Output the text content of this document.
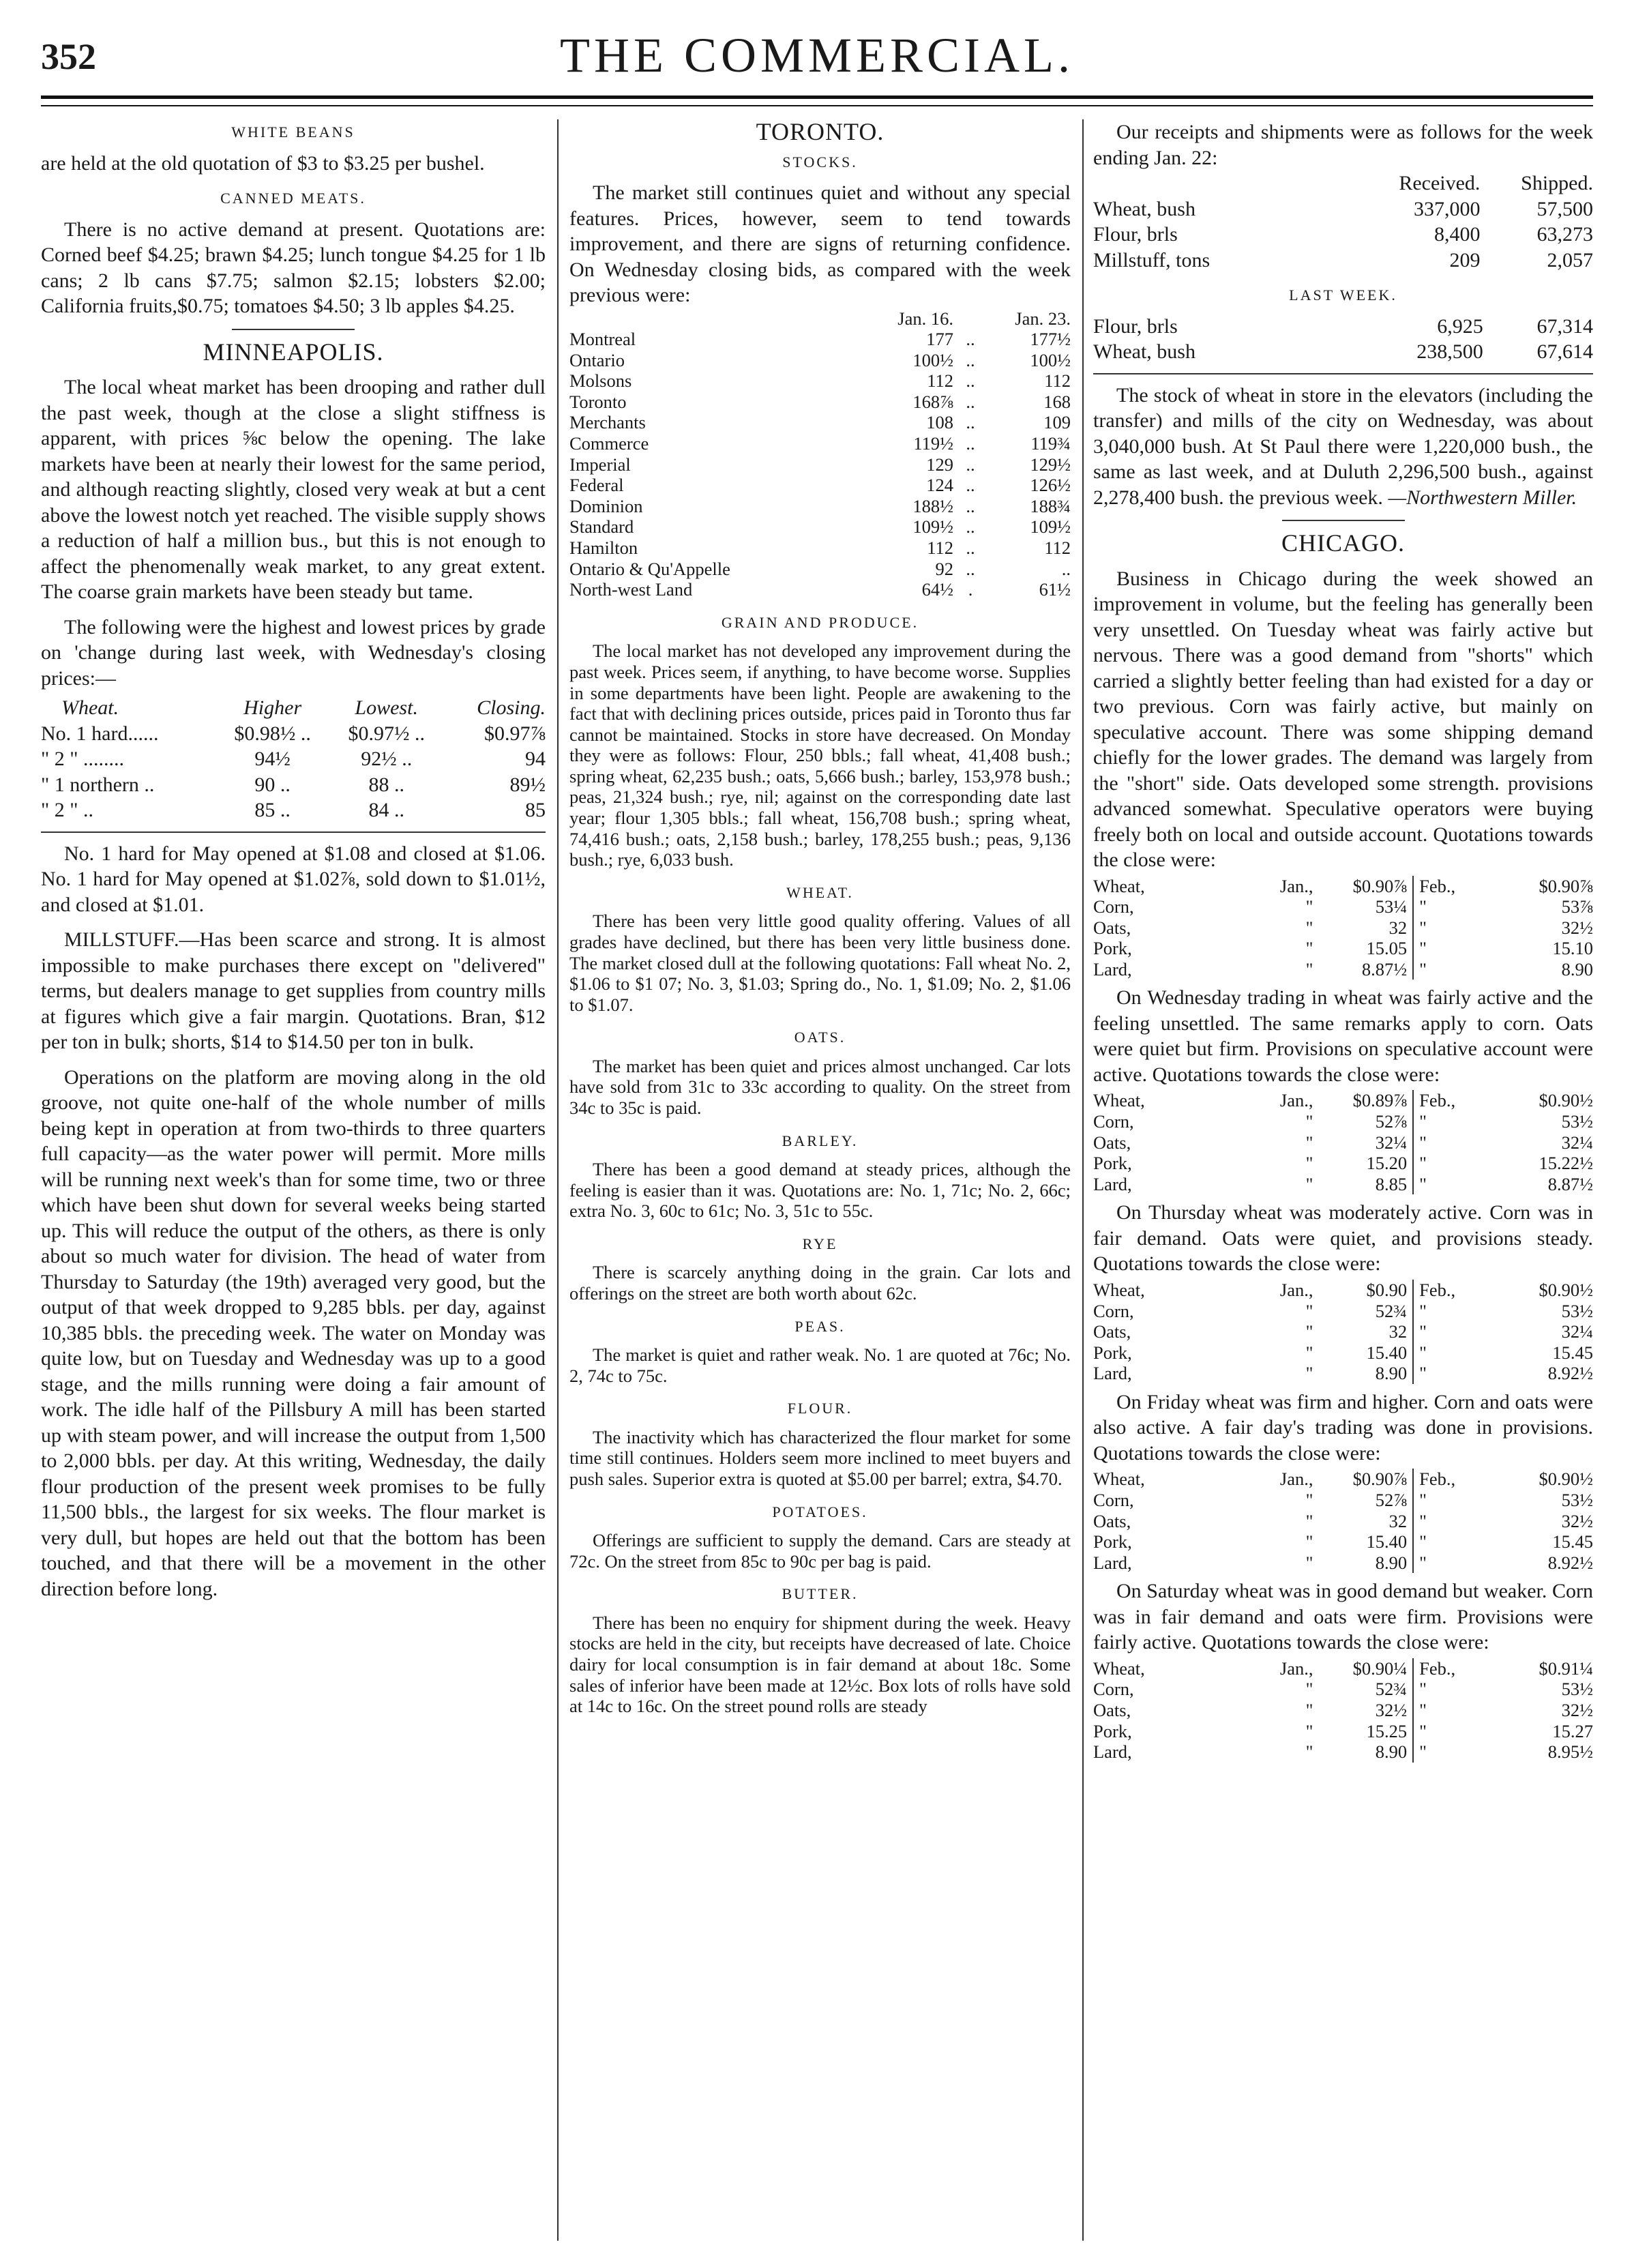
THE COMMERCIAL.
352
WHITE BEANS
are held at the old quotation of $3 to $3.25 per bushel.
CANNED MEATS.
There is no active demand at present. Quotations are: Corned beef $4.25; brawn $4.25; lunch tongue $4.25 for 1 lb cans; 2 lb cans $7.75; salmon $2.15; lobsters $2.00; California fruits,$0.75; tomatoes $4.50; 3 lb apples $4.25.
MINNEAPOLIS.
The local wheat market has been drooping and rather dull the past week, though at the close a slight stiffness is apparent, with prices ⅝c below the opening. The lake markets have been at nearly their lowest for the same period, and although reacting slightly, closed very weak at but a cent above the lowest notch yet reached. The visible supply shows a reduction of half a million bus., but this is not enough to affect the phenomenally weak market, to any great extent. The coarse grain markets have been steady but tame.
The following were the highest and lowest prices by grade on 'change during last week, with Wednesday's closing prices:—
Wheat.	Higher	Lowest.	Closing.
No. 1 hard......	$0.98½ ..	$0.97½ ..	$0.97⅞
" 2 " ........	94½	92½ ..	94
" 1 northern ..	90 ..	88 ..	89½
" 2 " ..	85 ..	84 ..	85
No. 1 hard for May opened at $1.08 and closed at $1.06. No. 1 hard for May opened at $1.02⅞, sold down to $1.01½, and closed at $1.01.
MILLSTUFF.—Has been scarce and strong. It is almost impossible to make purchases there except on "delivered" terms, but dealers manage to get supplies from country mills at figures which give a fair margin. Quotations. Bran, $12 per ton in bulk; shorts, $14 to $14.50 per ton in bulk.
Operations on the platform are moving along in the old groove, not quite one-half of the whole number of mills being kept in operation at from two-thirds to three quarters full capacity—as the water power will permit. More mills will be running next week's than for some time, two or three which have been shut down for several weeks being started up. This will reduce the output of the others, as there is only about so much water for division. The head of water from Thursday to Saturday (the 19th) averaged very good, but the output of that week dropped to 9,285 bbls. per day, against 10,385 bbls. the preceding week. The water on Monday was quite low, but on Tuesday and Wednesday was up to a good stage, and the mills running were doing a fair amount of work. The idle half of the Pillsbury A mill has been started up with steam power, and will increase the output from 1,500 to 2,000 bbls. per day. At this writing, Wednesday, the daily flour production of the present week promises to be fully 11,500 bbls., the largest for six weeks. The flour market is very dull, but hopes are held out that the bottom has been touched, and that there will be a movement in the other direction before long.
TORONTO.
STOCKS.
The market still continues quiet and without any special features. Prices, however, seem to tend towards improvement, and there are signs of returning confidence. On Wednesday closing bids, as compared with the week previous were:
	Jan. 16.		Jan. 23.
Montreal	177	..	177½
Ontario	100½	..	100½
Molsons	112	..	112
Toronto	168⅞	..	168
Merchants	108	..	109
Commerce	119½	..	119¾
Imperial	129	..	129½
Federal	124	..	126½
Dominion	188½	..	188¾
Standard	109½	..	109½
Hamilton	112	..	112
Ontario & Qu'Appelle	92	..	..
North-west Land	64½	.	61½
GRAIN AND PRODUCE.
The local market has not developed any improvement during the past week. Prices seem, if anything, to have become worse. Supplies in some departments have been light. People are awakening to the fact that with declining prices outside, prices paid in Toronto thus far cannot be maintained. Stocks in store have decreased. On Monday they were as follows: Flour, 250 bbls.; fall wheat, 41,408 bush.; spring wheat, 62,235 bush.; oats, 5,666 bush.; barley, 153,978 bush.; peas, 21,324 bush.; rye, nil; against on the corresponding date last year; flour 1,305 bbls.; fall wheat, 156,708 bush.; spring wheat, 74,416 bush.; oats, 2,158 bush.; barley, 178,255 bush.; peas, 9,136 bush.; rye, 6,033 bush.
WHEAT.
There has been very little good quality offering. Values of all grades have declined, but there has been very little business done. The market closed dull at the following quotations: Fall wheat No. 2, $1.06 to $1 07; No. 3, $1.03; Spring do., No. 1, $1.09; No. 2, $1.06 to $1.07.
OATS.
The market has been quiet and prices almost unchanged. Car lots have sold from 31c to 33c according to quality. On the street from 34c to 35c is paid.
BARLEY.
There has been a good demand at steady prices, although the feeling is easier than it was. Quotations are: No. 1, 71c; No. 2, 66c; extra No. 3, 60c to 61c; No. 3, 51c to 55c.
RYE
There is scarcely anything doing in the grain. Car lots and offerings on the street are both worth about 62c.
PEAS.
The market is quiet and rather weak. No. 1 are quoted at 76c; No. 2, 74c to 75c.
FLOUR.
The inactivity which has characterized the flour market for some time still continues. Holders seem more inclined to meet buyers and push sales. Superior extra is quoted at $5.00 per barrel; extra, $4.70.
POTATOES.
Offerings are sufficient to supply the demand. Cars are steady at 72c. On the street from 85c to 90c per bag is paid.
BUTTER.
There has been no enquiry for shipment during the week. Heavy stocks are held in the city, but receipts have decreased of late. Choice dairy for local consumption is in fair demand at about 18c. Some sales of inferior have been made at 12½c. Box lots of rolls have sold at 14c to 16c. On the street pound rolls are steady
Our receipts and shipments were as follows for the week ending Jan. 22:
	Received.	Shipped.
Wheat, bush	337,000	57,500
Flour, brls	8,400	63,273
Millstuff, tons	209	2,057
LAST WEEK.
Flour, brls	6,925	67,314
Wheat, bush	238,500	67,614
The stock of wheat in store in the elevators (including the transfer) and mills of the city on Wednesday, was about 3,040,000 bush. At St Paul there were 1,220,000 bush., the same as last week, and at Duluth 2,296,500 bush., against 2,278,400 bush. the previous week. —Northwestern Miller.
CHICAGO.
Business in Chicago during the week showed an improvement in volume, but the feeling has generally been very unsettled. On Tuesday wheat was fairly active but nervous. There was a good demand from "shorts" which carried a slightly better feeling than had existed for a day or two previous. Corn was fairly active, but mainly on speculative account. There was some shipping demand chiefly for the lower grades. The demand was largely from the "short" side. Oats developed some strength. provisions advanced somewhat. Speculative operators were buying freely both on local and outside account. Quotations towards the close were:
Wheat,	Jan.,	$0.90⅞	Feb.,	$0.90⅞
Corn,	"	53¼	"	53⅞
Oats,	"	32	"	32½
Pork,	"	15.05	"	15.10
Lard,	"	8.87½	"	8.90
On Wednesday trading in wheat was fairly active and the feeling unsettled. The same remarks apply to corn. Oats were quiet but firm. Provisions on speculative account were active. Quotations towards the close were:
Wheat,	Jan.,	$0.89⅞	Feb.,	$0.90½
Corn,	"	52⅞	"	53½
Oats,	"	32¼	"	32¼
Pork,	"	15.20	"	15.22½
Lard,	"	8.85	"	8.87½
On Thursday wheat was moderately active. Corn was in fair demand. Oats were quiet, and provisions steady. Quotations towards the close were:
Wheat,	Jan.,	$0.90	Feb.,	$0.90½
Corn,	"	52¾	"	53½
Oats,	"	32	"	32¼
Pork,	"	15.40	"	15.45
Lard,	"	8.90	"	8.92½
On Friday wheat was firm and higher. Corn and oats were also active. A fair day's trading was done in provisions. Quotations towards the close were:
Wheat,	Jan.,	$0.90⅞	Feb.,	$0.90½
Corn,	"	52⅞	"	53½
Oats,	"	32	"	32½
Pork,	"	15.40	"	15.45
Lard,	"	8.90	"	8.92½
On Saturday wheat was in good demand but weaker. Corn was in fair demand and oats were firm. Provisions were fairly active. Quotations towards the close were:
Wheat,	Jan.,	$0.90¼	Feb.,	$0.91¼
Corn,	"	52¾	"	53½
Oats,	"	32½	"	32½
Pork,	"	15.25	"	15.27
Lard,	"	8.90	"	8.95½
